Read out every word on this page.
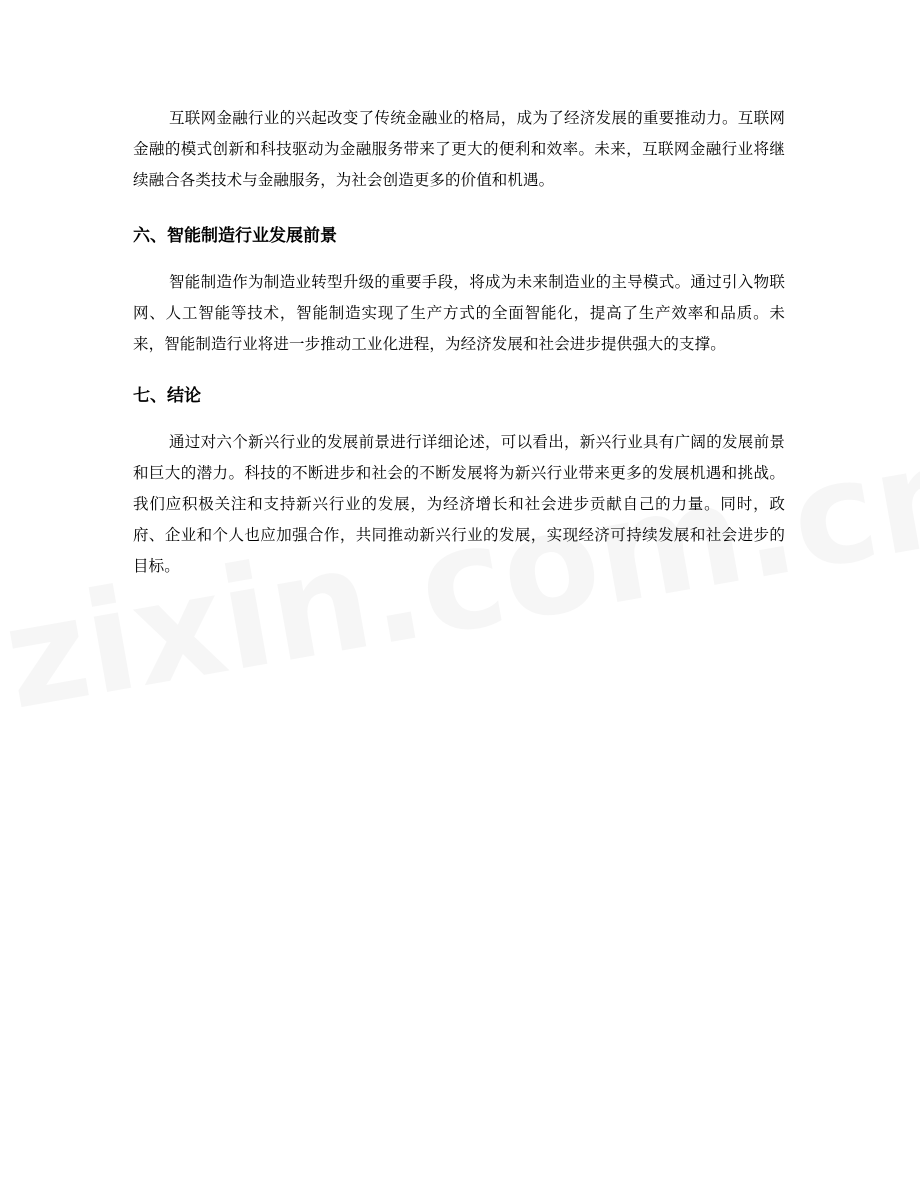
互联网金融行业的兴起改变了传统金融业的格局，成为了经济发展的重要推动力。互联网金融的模式创新和科技驱动为金融服务带来了更大的便利和效率。未来，互联网金融行业将继续融合各类技术与金融服务，为社会创造更多的价值和机遇。

六、智能制造行业发展前景

智能制造作为制造业转型升级的重要手段，将成为未来制造业的主导模式。通过引入物联网、人工智能等技术，智能制造实现了生产方式的全面智能化，提高了生产效率和品质。未来，智能制造行业将进一步推动工业化进程，为经济发展和社会进步提供强大的支撑。

七、结论

通过对六个新兴行业的发展前景进行详细论述，可以看出，新兴行业具有广阔的发展前景和巨大的潜力。科技的不断进步和社会的不断发展将为新兴行业带来更多的发展机遇和挑战。我们应积极关注和支持新兴行业的发展，为经济增长和社会进步贡献自己的力量。同时，政府、企业和个人也应加强合作，共同推动新兴行业的发展，实现经济可持续发展和社会进步的目标。
